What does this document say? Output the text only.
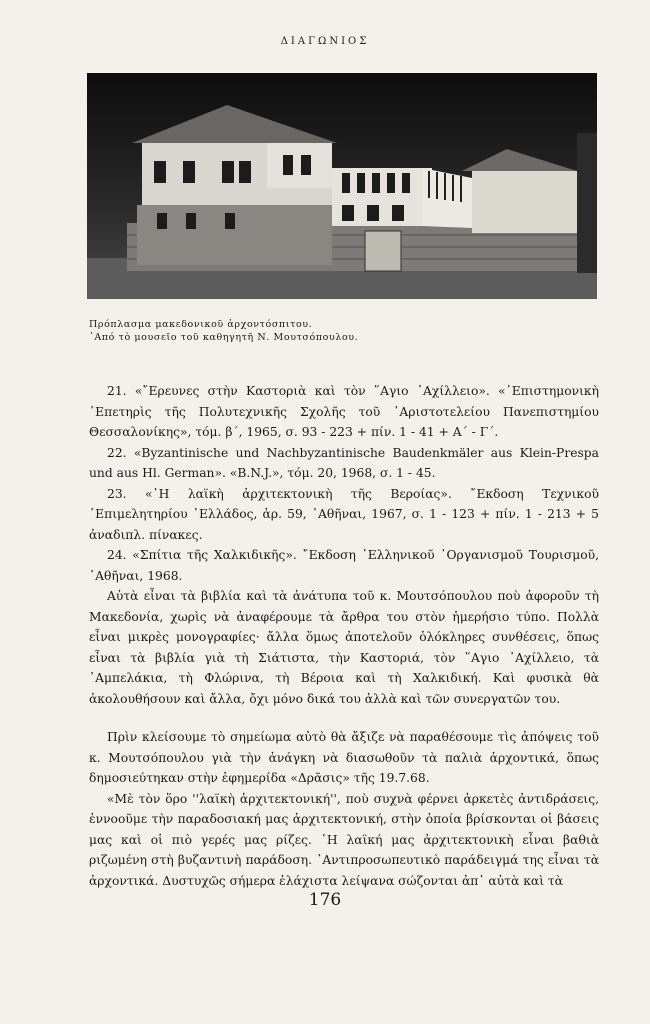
ΔΙΑΓΩΝΙΟΣ
Πρόπλασμα μακεδονικοῦ ἀρχοντόσπιτου.
᾿Από τὸ μουσεῖο τοῦ καθηγητῆ Ν. Μουτσόπουλου.

21. «῎Ερευνες στὴν Καστοριὰ καὶ τὸν ῞Αγιο ᾿Αχίλλειο». «᾿Επιστημονικὴ ᾿Επετηρὶς τῆς Πολυτεχνικῆς Σχολῆς τοῦ ᾿Αριστοτελείου Πανεπιστημίου Θεσσαλονίκης», τόμ. β΄, 1965, σ. 93 - 223 + πίν. 1 - 41 + Α΄ - Γ΄.

22. «Byzantinische und Nachbyzantinische Baudenkmäler aus Klein-Prespa und aus Hl. German». «B.N.J.», τόμ. 20, 1968, σ. 1 - 45.

23. «῾Η λαϊκὴ ἀρχιτεκτονικὴ τῆς Βεροίας». ῎Εκδοση Τεχνικοῦ ᾿Επιμελητηρίου ῾Ελλάδος, ἀρ. 59, ᾿Αθῆναι, 1967, σ. 1 - 123 + πίν. 1 - 213 + 5 ἀναδιπλ. πίνακες.

24. «Σπίτια τῆς Χαλκιδικῆς». ῎Εκδοση ῾Ελληνικοῦ ᾿Οργανισμοῦ Τουρισμοῦ, ᾿Αθῆναι, 1968.

Αὐτὰ εἶναι τὰ βιβλία καὶ τὰ ἀνάτυπα τοῦ κ. Μουτσόπουλου ποὺ ἀφοροῦν τὴ Μακεδονία, χωρὶς νὰ ἀναφέρουμε τὰ ἄρθρα του στὸν ἡμερήσιο τύπο. Πολλὰ εἶναι μικρὲς μονογραφίες· ἄλλα ὅμως ἀποτελοῦν ὁλόκληρες συνθέσεις, ὅπως εἶναι τὰ βιβλία γιὰ τὴ Σιάτιστα, τὴν Καστοριά, τὸν ῞Αγιο ᾿Αχίλλειο, τὰ ᾿Αμπελάκια, τὴ Φλώρινα, τὴ Βέροια καὶ τὴ Χαλκιδική. Καὶ φυσικὰ θὰ ἀκολουθήσουν καὶ ἄλλα, ὄχι μόνο δικά του ἀλλὰ καὶ τῶν συνεργατῶν του.

Πρὶν κλείσουμε τὸ σημείωμα αὐτὸ θὰ ἄξιζε νὰ παραθέσουμε τὶς ἀπόψεις τοῦ κ. Μουτσόπουλου γιὰ τὴν ἀνάγκη νὰ διασωθοῦν τὰ παλιὰ ἀρχοντικά, ὅπως δημοσιεύτηκαν στὴν ἐφημερίδα «Δρᾶσις» τῆς 19.7.68.

«Μὲ τὸν ὅρο ''λαϊκὴ ἀρχιτεκτονική'', ποὺ συχνὰ φέρνει ἀρκετὲς ἀντιδράσεις, ἐννοοῦμε τὴν παραδοσιακή μας ἀρχιτεκτονική, στὴν ὁποία βρίσκονται οἱ βάσεις μας καὶ οἱ πιὸ γερές μας ρίζες. ῾Η λαϊκή μας ἀρχιτεκτονικὴ εἶναι βαθιὰ ριζωμένη στὴ βυζαντινὴ παράδοση. ᾿Αντιπροσωπευτικὸ παράδειγμά της εἶναι τὰ ἀρχοντικά. Δυστυχῶς σήμερα ἐλάχιστα λείψανα σώζονται ἀπ᾿ αὐτὰ καὶ τὰ

176
